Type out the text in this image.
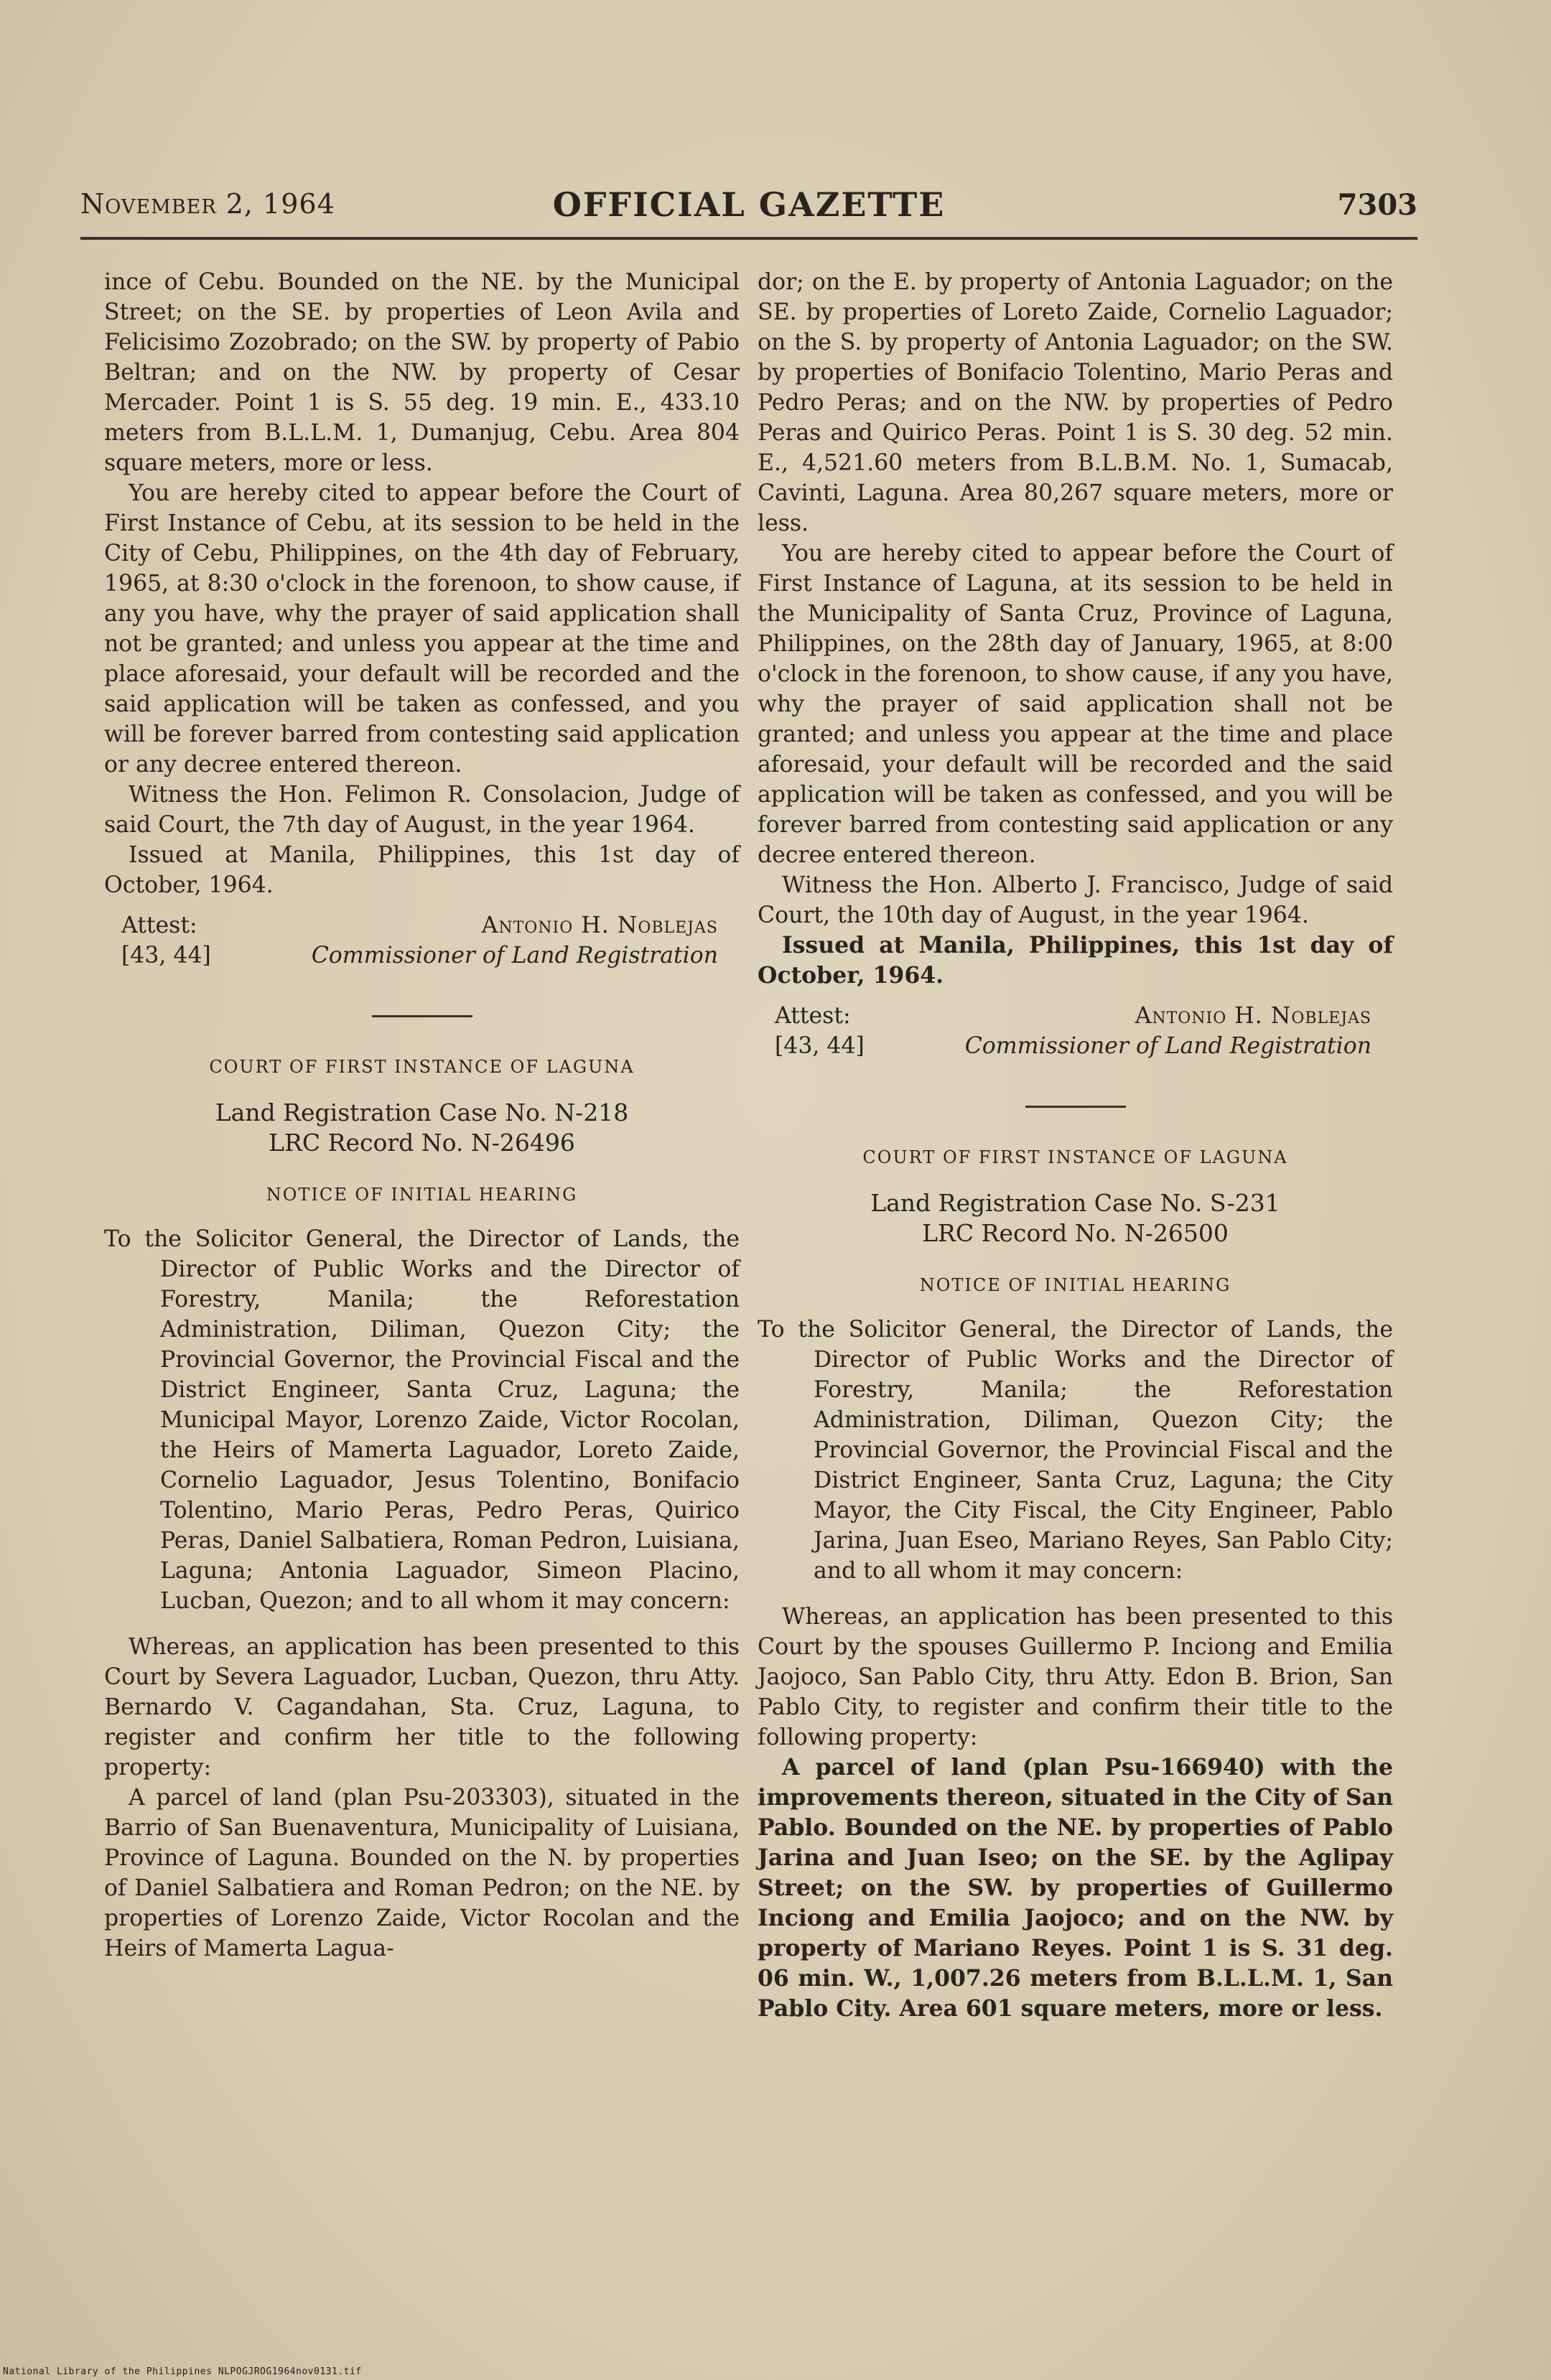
November 2, 1964	OFFICIAL GAZETTE	7303

ince of Cebu. Bounded on the NE. by the Municipal Street; on the SE. by properties of Leon Avila and Felicisimo Zozobrado; on the SW. by property of Pabio Beltran; and on the NW. by property of Cesar Mercader. Point 1 is S. 55 deg. 19 min. E., 433.10 meters from B.L.L.M. 1, Dumanjug, Cebu. Area 804 square meters, more or less.

You are hereby cited to appear before the Court of First Instance of Cebu, at its session to be held in the City of Cebu, Philippines, on the 4th day of February, 1965, at 8:30 o'clock in the forenoon, to show cause, if any you have, why the prayer of said application shall not be granted; and unless you appear at the time and place aforesaid, your default will be recorded and the said application will be taken as confessed, and you will be forever barred from contesting said application or any decree entered thereon.

Witness the Hon. Felimon R. Consolacion, Judge of said Court, the 7th day of August, in the year 1964.

Issued at Manila, Philippines, this 1st day of October, 1964.

Attest:
[43, 44]
Antonio H. Noblejas
Commissioner of Land Registration
COURT OF FIRST INSTANCE OF LAGUNA
Land Registration Case No. N-218
LRC Record No. N-26496
NOTICE OF INITIAL HEARING

To the Solicitor General, the Director of Lands, the Director of Public Works and the Director of Forestry, Manila; the Reforestation Administration, Diliman, Quezon City; the Provincial Governor, the Provincial Fiscal and the District Engineer, Santa Cruz, Laguna; the Municipal Mayor, Lorenzo Zaide, Victor Rocolan, the Heirs of Mamerta Laguador, Loreto Zaide, Cornelio Laguador, Jesus Tolentino, Bonifacio Tolentino, Mario Peras, Pedro Peras, Quirico Peras, Daniel Salbatiera, Roman Pedron, Luisiana, Laguna; Antonia Laguador, Simeon Placino, Lucban, Quezon; and to all whom it may concern:

Whereas, an application has been presented to this Court by Severa Laguador, Lucban, Quezon, thru Atty. Bernardo V. Cagandahan, Sta. Cruz, Laguna, to register and confirm her title to the following property:

A parcel of land (plan Psu-203303), situated in the Barrio of San Buenaventura, Municipality of Luisiana, Province of Laguna. Bounded on the N. by properties of Daniel Salbatiera and Roman Pedron; on the NE. by properties of Lorenzo Zaide, Victor Rocolan and the Heirs of Mamerta Lagua-

dor; on the E. by property of Antonia Laguador; on the SE. by properties of Loreto Zaide, Cornelio Laguador; on the S. by property of Antonia Laguador; on the SW. by properties of Bonifacio Tolentino, Mario Peras and Pedro Peras; and on the NW. by properties of Pedro Peras and Quirico Peras. Point 1 is S. 30 deg. 52 min. E., 4,521.60 meters from B.L.B.M. No. 1, Sumacab, Cavinti, Laguna. Area 80,267 square meters, more or less.

You are hereby cited to appear before the Court of First Instance of Laguna, at its session to be held in the Municipality of Santa Cruz, Province of Laguna, Philippines, on the 28th day of January, 1965, at 8:00 o'clock in the forenoon, to show cause, if any you have, why the prayer of said application shall not be granted; and unless you appear at the time and place aforesaid, your default will be recorded and the said application will be taken as confessed, and you will be forever barred from contesting said application or any decree entered thereon.

Witness the Hon. Alberto J. Francisco, Judge of said Court, the 10th day of August, in the year 1964.

Issued at Manila, Philippines, this 1st day of October, 1964.

Attest:
[43, 44]
Antonio H. Noblejas
Commissioner of Land Registration
COURT OF FIRST INSTANCE OF LAGUNA
Land Registration Case No. S-231
LRC Record No. N-26500
NOTICE OF INITIAL HEARING

To the Solicitor General, the Director of Lands, the Director of Public Works and the Director of Forestry, Manila; the Reforestation Administration, Diliman, Quezon City; the Provincial Governor, the Provincial Fiscal and the District Engineer, Santa Cruz, Laguna; the City Mayor, the City Fiscal, the City Engineer, Pablo Jarina, Juan Eseo, Mariano Reyes, San Pablo City; and to all whom it may concern:

Whereas, an application has been presented to this Court by the spouses Guillermo P. Inciong and Emilia Jaojoco, San Pablo City, thru Atty. Edon B. Brion, San Pablo City, to register and confirm their title to the following property:

A parcel of land (plan Psu-166940) with the improvements thereon, situated in the City of San Pablo. Bounded on the NE. by properties of Pablo Jarina and Juan Iseo; on the SE. by the Aglipay Street; on the SW. by properties of Guillermo Inciong and Emilia Jaojoco; and on the NW. by property of Mariano Reyes. Point 1 is S. 31 deg. 06 min. W., 1,007.26 meters from B.L.L.M. 1, San Pablo City. Area 601 square meters, more or less.

National Library of the Philippines NLPOGJROG1964nov0131.tif
